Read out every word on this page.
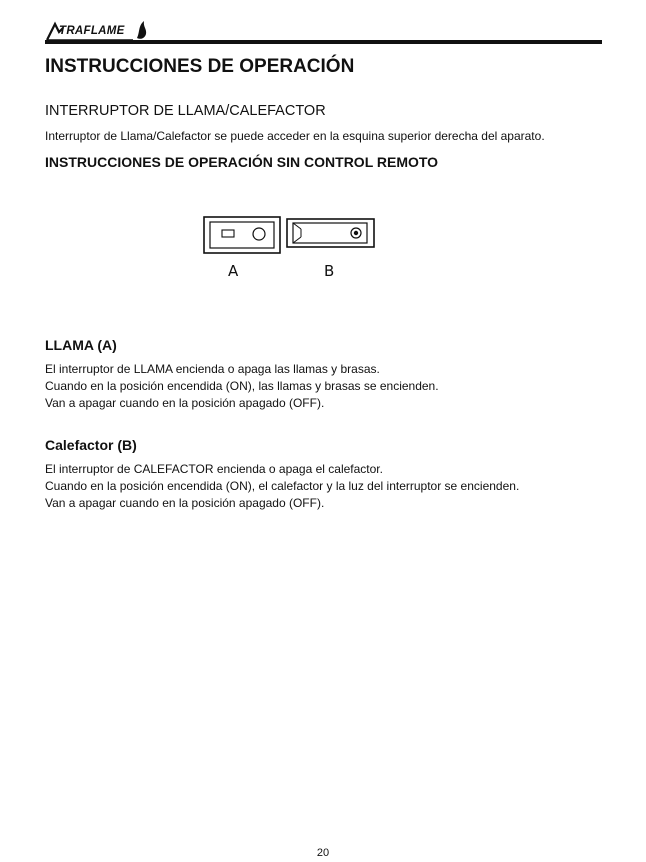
TRAFLAME
INSTRUCCIONES DE OPERACIÓN
INTERRUPTOR DE LLAMA/CALEFACTOR

Interruptor de Llama/Calefactor se puede acceder en la esquina superior derecha del aparato.

INSTRUCCIONES DE OPERACIÓN SIN CONTROL REMOTO
A	B
LLAMA (A)
El interruptor de LLAMA encienda o apaga las llamas y brasas.
Cuando en la posición encendida (ON), las llamas y brasas se encienden.
Van a apagar cuando en la posición apagado (OFF).
Calefactor (B)
El interruptor de CALEFACTOR encienda o apaga el calefactor.
Cuando en la posición encendida (ON), el calefactor y la luz del interruptor se encienden.
Van a apagar cuando en la posición apagado (OFF).
20
